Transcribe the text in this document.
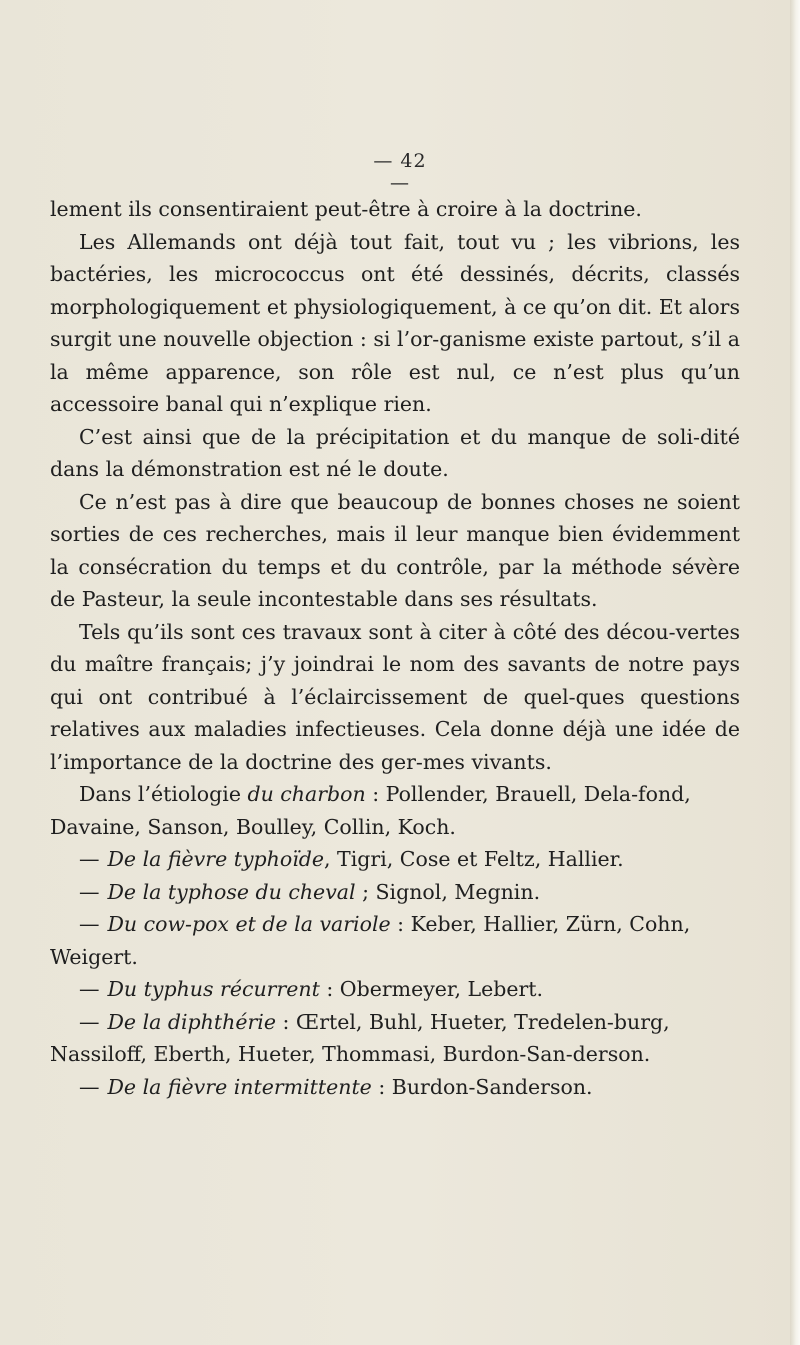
— 42 —

lement ils consentiraient peut-être à croire à la doctrine.

Les Allemands ont déjà tout fait, tout vu ; les vibrions, les bactéries, les micrococcus ont été dessinés, décrits, classés morphologiquement et physiologiquement, à ce qu’on dit. Et alors surgit une nouvelle objection : si l’or-ganisme existe partout, s’il a la même apparence, son rôle est nul, ce n’est plus qu’un accessoire banal qui n’explique rien.

C’est ainsi que de la précipitation et du manque de soli-dité dans la démonstration est né le doute.

Ce n’est pas à dire que beaucoup de bonnes choses ne soient sorties de ces recherches, mais il leur manque bien évidemment la consécration du temps et du contrôle, par la méthode sévère de Pasteur, la seule incontestable dans ses résultats.

Tels qu’ils sont ces travaux sont à citer à côté des décou-vertes du maître français; j’y joindrai le nom des savants de notre pays qui ont contribué à l’éclaircissement de quel-ques questions relatives aux maladies infectieuses. Cela donne déjà une idée de l’importance de la doctrine des ger-mes vivants.

Dans l’étiologie du charbon : Pollender, Brauell, Dela-fond, Davaine, Sanson, Boulley, Collin, Koch.

— De la fièvre typhoïde, Tigri, Cose et Feltz, Hallier.

— De la typhose du cheval ; Signol, Megnin.

— Du cow-pox et de la variole : Keber, Hallier, Zürn, Cohn, Weigert.

— Du typhus récurrent : Obermeyer, Lebert.

— De la diphthérie : Œrtel, Buhl, Hueter, Tredelen-burg, Nassiloff, Eberth, Hueter, Thommasi, Burdon-San-derson.

— De la fièvre intermittente : Burdon-Sanderson.
